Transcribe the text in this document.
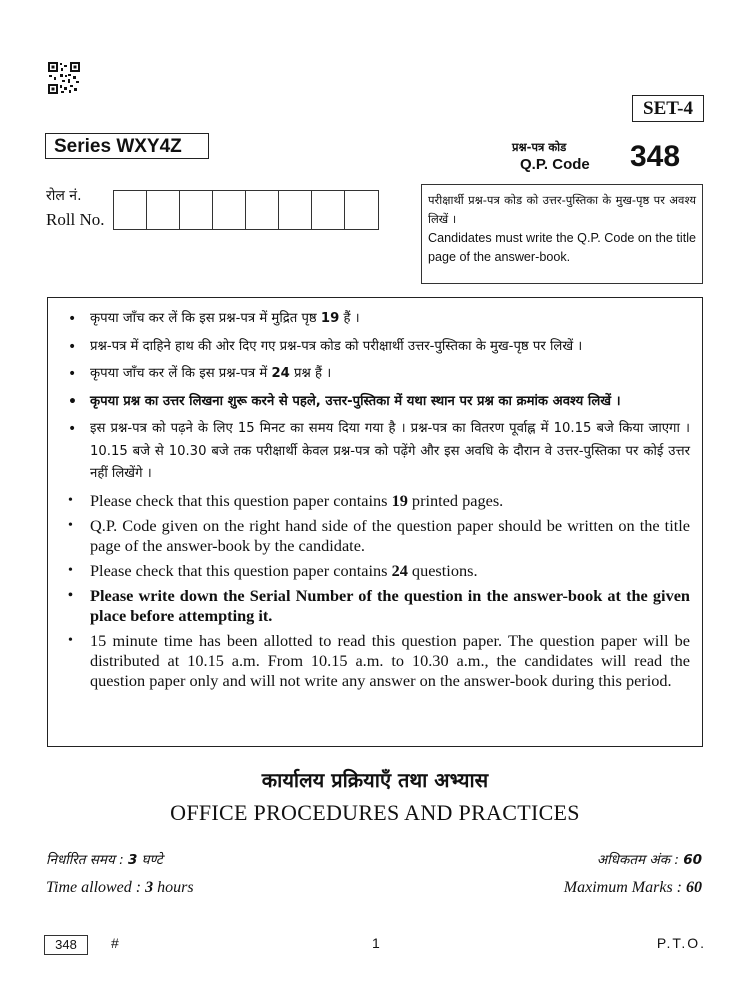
SET-4
Series WXY4Z	प्रश्न-पत्र कोड
Q.P. Code 348
रोल नं.
Roll No.
परीक्षार्थी प्रश्न-पत्र कोड को उत्तर-पुस्तिका के मुख-पृष्ठ पर अवश्य लिखें ।
Candidates must write the Q.P. Code on the title page of the answer-book.
• कृपया जाँच कर लें कि इस प्रश्न-पत्र में मुद्रित पृष्ठ 19 हैं ।
• प्रश्न-पत्र में दाहिने हाथ की ओर दिए गए प्रश्न-पत्र कोड को परीक्षार्थी उत्तर-पुस्तिका के मुख-पृष्ठ पर लिखें ।
• कृपया जाँच कर लें कि इस प्रश्न-पत्र में 24 प्रश्न हैं ।
• कृपया प्रश्न का उत्तर लिखना शुरू करने से पहले, उत्तर-पुस्तिका में यथा स्थान पर प्रश्न का क्रमांक अवश्य लिखें ।
• इस प्रश्न-पत्र को पढ़ने के लिए 15 मिनट का समय दिया गया है । प्रश्न-पत्र का वितरण पूर्वाह्न में 10.15 बजे किया जाएगा । 10.15 बजे से 10.30 बजे तक परीक्षार्थी केवल प्रश्न-पत्र को पढ़ेंगे और इस अवधि के दौरान वे उत्तर-पुस्तिका पर कोई उत्तर नहीं लिखेंगे ।
• Please check that this question paper contains 19 printed pages.
• Q.P. Code given on the right hand side of the question paper should be written on the title page of the answer-book by the candidate.
• Please check that this question paper contains 24 questions.
• Please write down the Serial Number of the question in the answer-book at the given place before attempting it.
• 15 minute time has been allotted to read this question paper. The question paper will be distributed at 10.15 a.m. From 10.15 a.m. to 10.30 a.m., the candidates will read the question paper only and will not write any answer on the answer-book during this period.
कार्यालय प्रक्रियाएँ तथा अभ्यास
OFFICE PROCEDURES AND PRACTICES
निर्धारित समय : 3 घण्टे
Time allowed : 3 hours
अधिकतम अंक : 60
Maximum Marks : 60
348	#	1	P.T.O.
